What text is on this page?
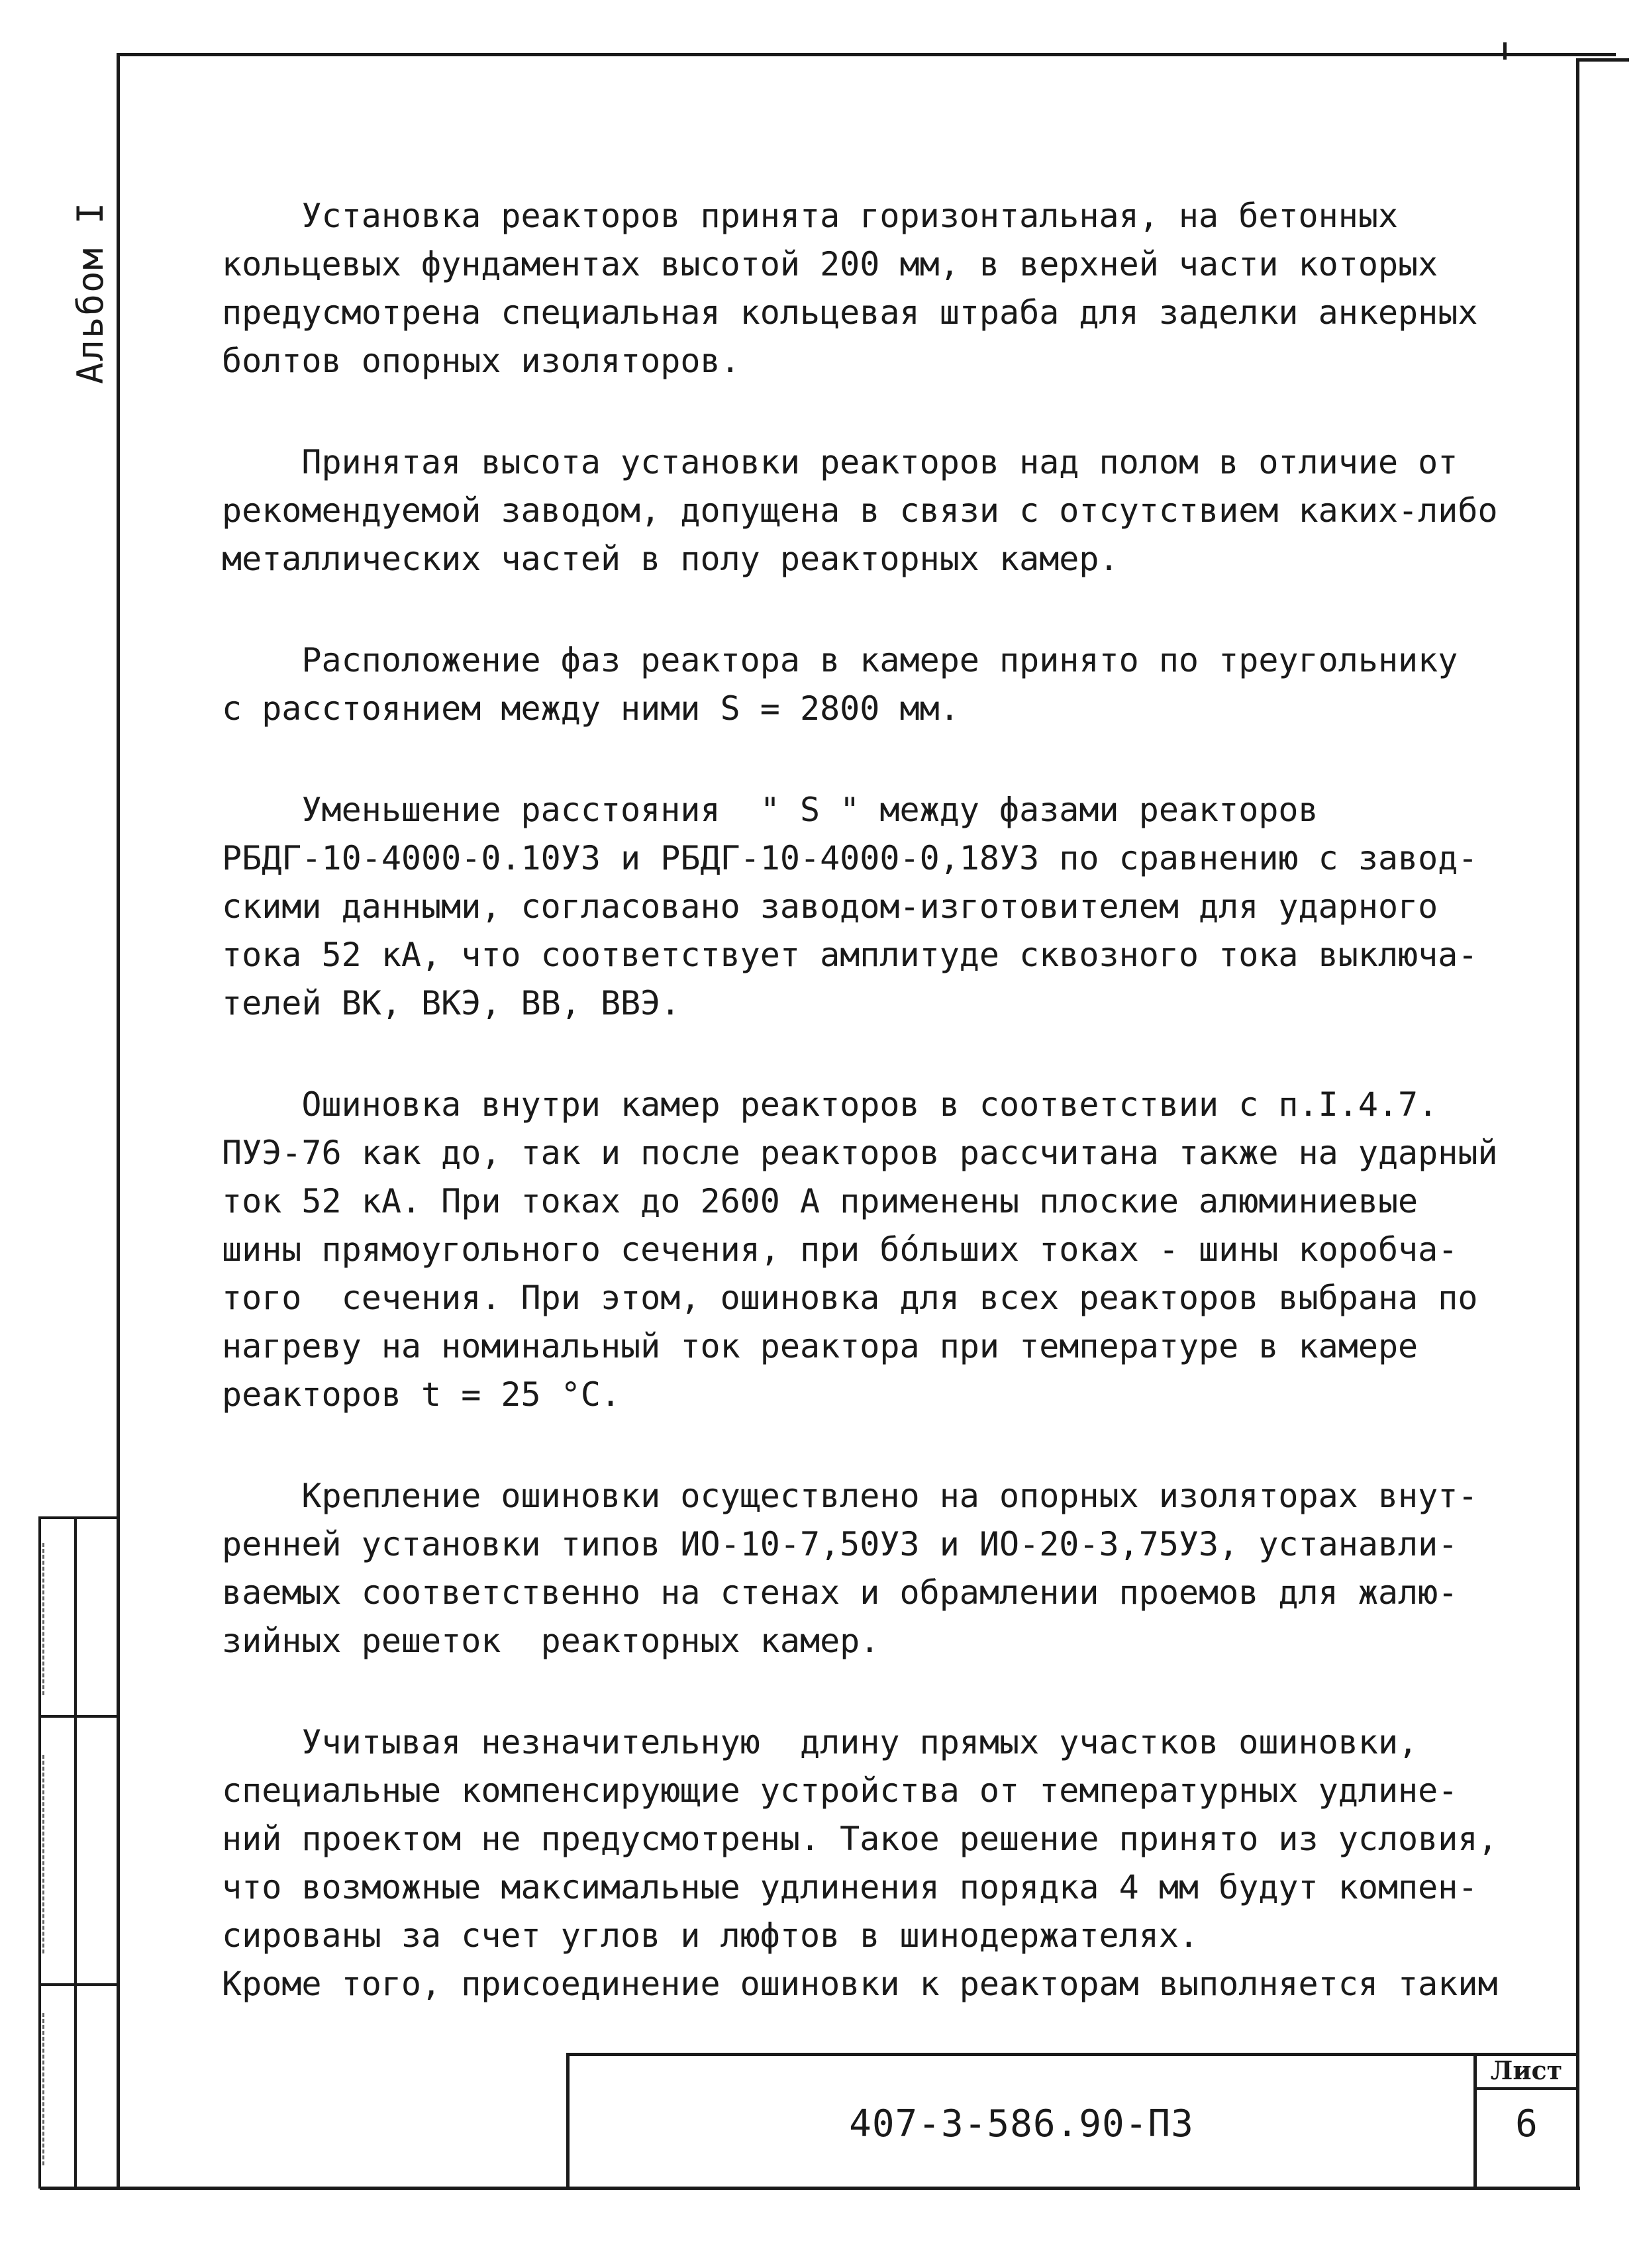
Альбом I	Установка реакторов принята горизонтальная, на бетонных

кольцевых фундаментах высотой 200 мм, в верхней части которых

предусмотрена специальная кольцевая штраба для заделки анкерных

болтов опорных изоляторов.

Принятая высота установки реакторов над полом в отличие от

рекомендуемой заводом, допущена в связи с отсутствием каких-либо

металлических частей в полу реакторных камер.

Расположение фаз реактора в камере принято по треугольнику

с расстоянием между ними S = 2800 мм.

Уменьшение расстояния  " S " между фазами реакторов

РБДГ-10-4000-0.10У3 и РБДГ-10-4000-0,18У3 по сравнению с завод-

скими данными, согласовано заводом-изготовителем для ударного

тока 52 кА, что соответствует амплитуде сквозного тока выключа-

телей ВК, ВКЭ, ВВ, ВВЭ.

Ошиновка внутри камер реакторов в соответствии с п.I.4.7.

ПУЭ-76 как до, так и после реакторов рассчитана также на ударный

ток 52 кА. При токах до 2600 А применены плоские алюминиевые

шины прямоугольного сечения, при бо́льших токах - шины коробча-

того  сечения. При этом, ошиновка для всех реакторов выбрана по

нагреву на номинальный ток реактора при температуре в камере

реакторов t = 25 °С.

Крепление ошиновки осуществлено на опорных изоляторах внут-

ренней установки типов ИО-10-7,50У3 и ИО-20-3,75У3, устанавли-

ваемых соответственно на стенах и обрамлении проемов для жалю-

зийных решеток  реакторных камер.

Учитывая незначительную  длину прямых участков ошиновки,

специальные компенсирующие устройства от температурных удлине-

ний проектом не предусмотрены. Такое решение принято из условия,

что возможные максимальные удлинения порядка 4 мм будут компен-

сированы за счет углов и люфтов в шинодержателях.

Кроме того, присоединение ошиновки к реакторам выполняется таким

407-3-586.90-ПЗ
Лист
6
